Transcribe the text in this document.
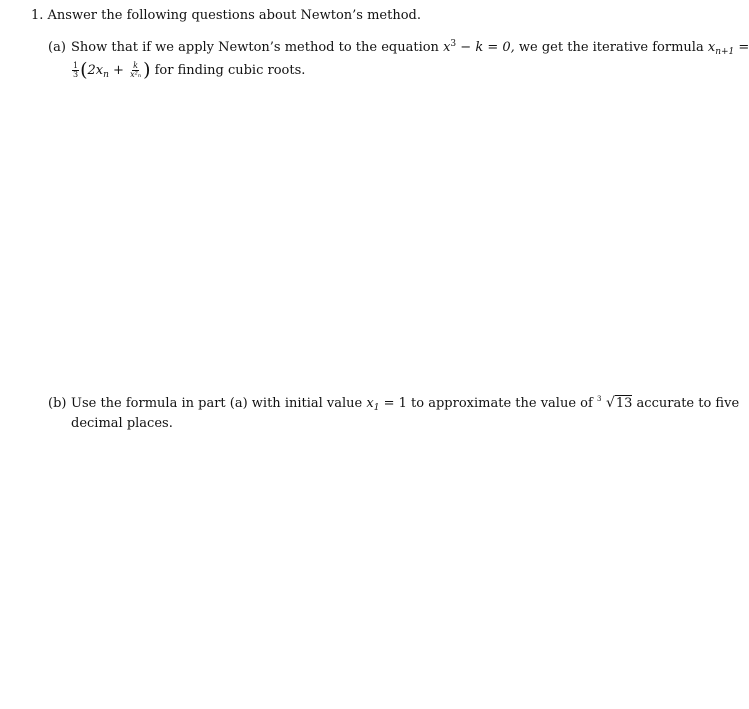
1. Answer the following questions about Newton’s method.
(a) Show that if we apply Newton’s method to the equation $x^3 - k = 0$, we get the iterative formula $x_{n+1}$ =
$\frac{1}{3} (2x_n + \frac{k}{\text{x²ₙ}}$ ) for finding cubic roots.
(b) Use the formula in part (a) with initial value $x_1 = 1$ to approximate the value of 3 √13 accurate to five
decimal places.
